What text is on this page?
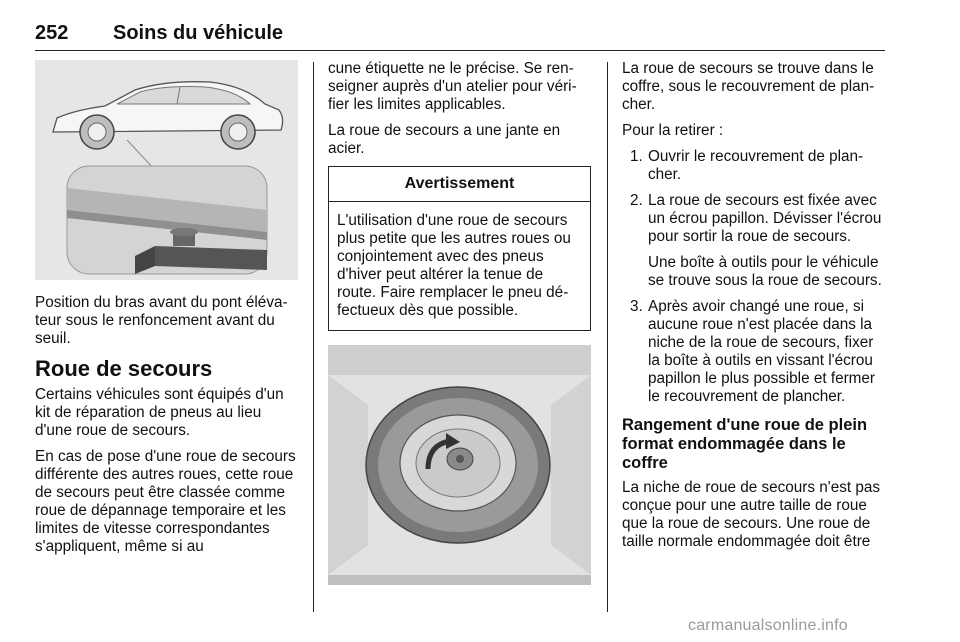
252 Soins du véhicule

Position du bras avant du pont élévateur sous le renfoncement avant du seuil.

Roue de secours

Certains véhicules sont équipés d'un kit de réparation de pneus au lieu d'une roue de secours.

En cas de pose d'une roue de secours différente des autres roues, cette roue de secours peut être classée comme roue de dépannage temporaire et les limites de vitesse correspondantes s'appliquent, même si au

cune étiquette ne le précise. Se renseigner auprès d'un atelier pour vérifier les limites applicables.

La roue de secours a une jante en acier.

Avertissement
L'utilisation d'une roue de secours plus petite que les autres roues ou conjointement avec des pneus d'hiver peut altérer la tenue de route. Faire remplacer le pneu défectueux dès que possible.

La roue de secours se trouve dans le coffre, sous le recouvrement de plancher.

Pour la retirer :

1. Ouvrir le recouvrement de plancher.
2. La roue de secours est fixée avec un écrou papillon. Dévisser l'écrou pour sortir la roue de secours.
Une boîte à outils pour le véhicule se trouve sous la roue de secours.
3. Après avoir changé une roue, si aucune roue n'est placée dans la niche de la roue de secours, fixer la boîte à outils en vissant l'écrou papillon le plus possible et fermer le recouvrement de plancher.
Rangement d'une roue de plein format endommagée dans le coffre

La niche de roue de secours n'est pas conçue pour une autre taille de roue que la roue de secours. Une roue de taille normale endommagée doit être

carmanualsonline.info
